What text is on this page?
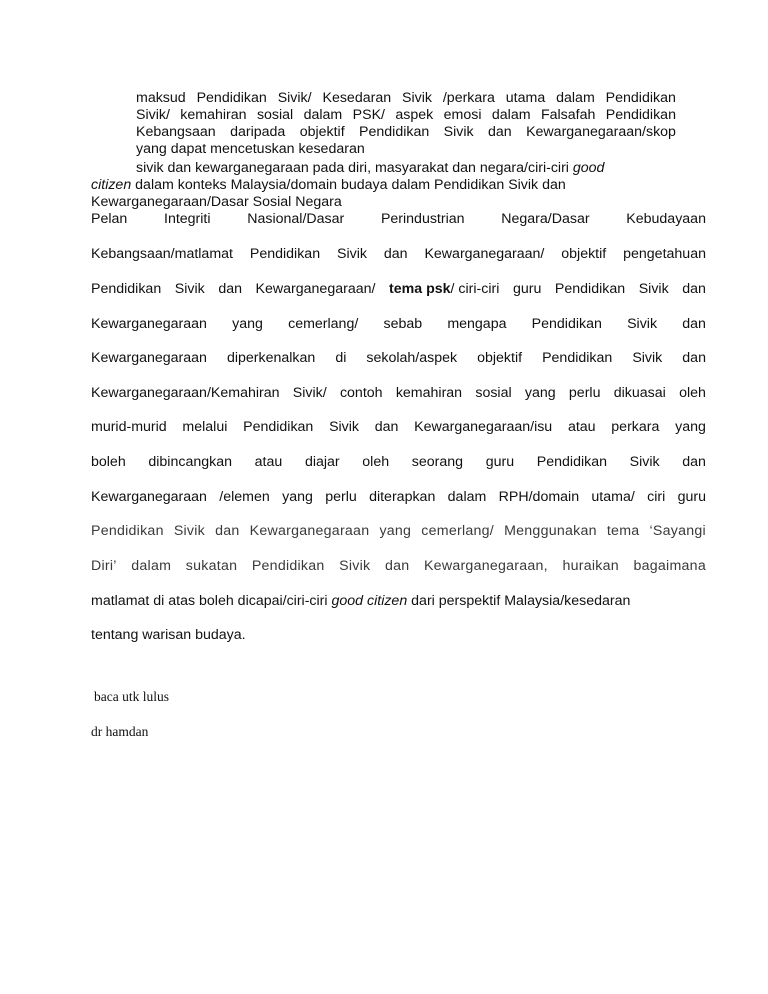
maksud Pendidikan Sivik/ Kesedaran Sivik /perkara utama dalam Pendidikan
Sivik/ kemahiran sosial dalam PSK/ aspek emosi dalam Falsafah Pendidikan
Kebangsaan daripada objektif Pendidikan Sivik dan Kewarganegaraan/skop
yang dapat mencetuskan kesedaran
sivik dan kewarganegaraan pada diri, masyarakat dan negara/ciri-ciri good
citizen dalam konteks Malaysia/domain budaya dalam Pendidikan Sivik dan
Kewarganegaraan/Dasar Sosial Negara
Pelan	Integriti	Nasional/Dasar	Perindustrian	Negara/Dasar	Kebudayaan
Kebangsaan/matlamat Pendidikan Sivik dan Kewarganegaraan/ objektif pengetahuan
Pendidikan Sivik dan Kewarganegaraan/ tema psk/ ciri-ciri guru Pendidikan Sivik dan
Kewarganegaraan yang cemerlang/ sebab mengapa Pendidikan Sivik dan
Kewarganegaraan diperkenalkan di sekolah/aspek objektif Pendidikan Sivik dan
Kewarganegaraan/Kemahiran Sivik/ contoh kemahiran sosial yang perlu dikuasai oleh
murid-murid melalui Pendidikan Sivik dan Kewarganegaraan/isu atau perkara yang
boleh dibincangkan atau diajar oleh seorang guru Pendidikan Sivik dan
Kewarganegaraan /elemen yang perlu diterapkan dalam RPH/domain utama/ ciri guru
Pendidikan Sivik dan Kewarganegaraan yang cemerlang/ Menggunakan tema ‘Sayangi
Diri’ dalam sukatan Pendidikan Sivik dan Kewarganegaraan, huraikan bagaimana
matlamat di atas boleh dicapai/ciri-ciri good citizen dari perspektif Malaysia/kesedaran
tentang warisan budaya.
baca utk lulus
dr hamdan
